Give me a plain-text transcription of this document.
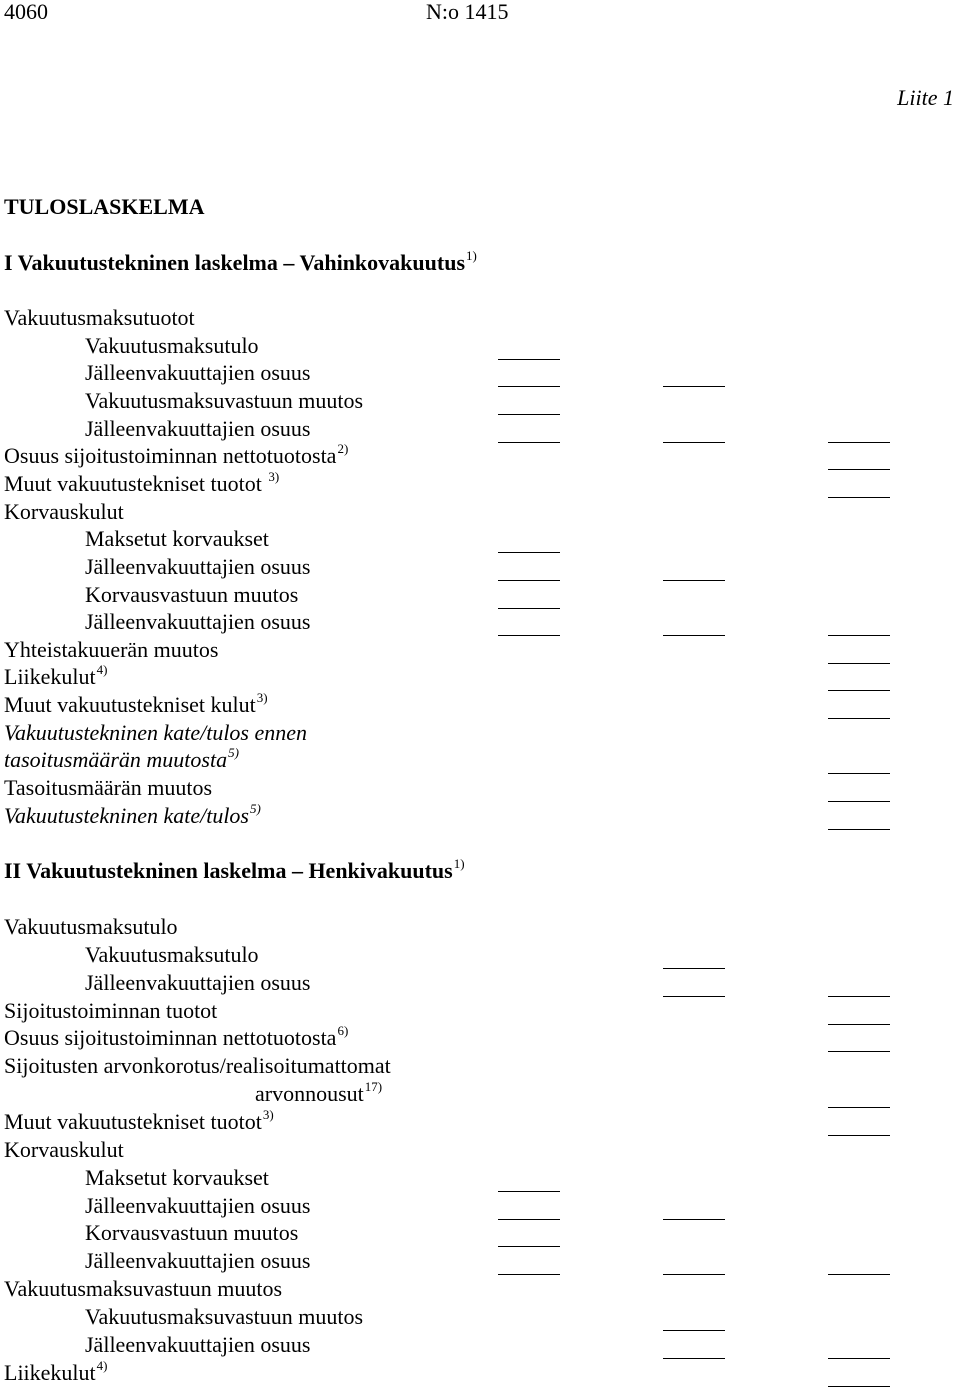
4060	N:o 1415
Liite 1
TULOSLASKELMA
I Vakuutustekninen laskelma – Vahinkovakuutus$^{1)}$
Vakuutusmaksutuotot
Vakuutusmaksutulo
Jälleenvakuuttajien osuus
Vakuutusmaksuvastuun muutos
Jälleenvakuuttajien osuus
Osuus sijoitustoiminnan nettotuotosta$^{2)}$
Muut vakuutustekniset tuotot $^{3)}$
Korvauskulut
Maksetut korvaukset
Jälleenvakuuttajien osuus
Korvausvastuun muutos
Jälleenvakuuttajien osuus
Yhteistakuuerän muutos
Liikekulut$^{4)}$
Muut vakuutustekniset kulut$^{3)}$
Vakuutustekninen kate/tulos ennen
tasoitusmäärän muutosta$^{5)}$
Tasoitusmäärän muutos
Vakuutustekninen kate/tulos$^{5)}$
II Vakuutustekninen laskelma – Henkivakuutus$^{1)}$
Vakuutusmaksutulo
Vakuutusmaksutulo
Jälleenvakuuttajien osuus
Sijoitustoiminnan tuotot
Osuus sijoitustoiminnan nettotuotosta$^{6)}$
Sijoitusten arvonkorotus/realisoitumattomat
arvonnousut$^{17)}$
Muut vakuutustekniset tuotot$^{3)}$
Korvauskulut
Maksetut korvaukset
Jälleenvakuuttajien osuus
Korvausvastuun muutos
Jälleenvakuuttajien osuus
Vakuutusmaksuvastuun muutos
Vakuutusmaksuvastuun muutos
Jälleenvakuuttajien osuus
Liikekulut$^{4)}$
